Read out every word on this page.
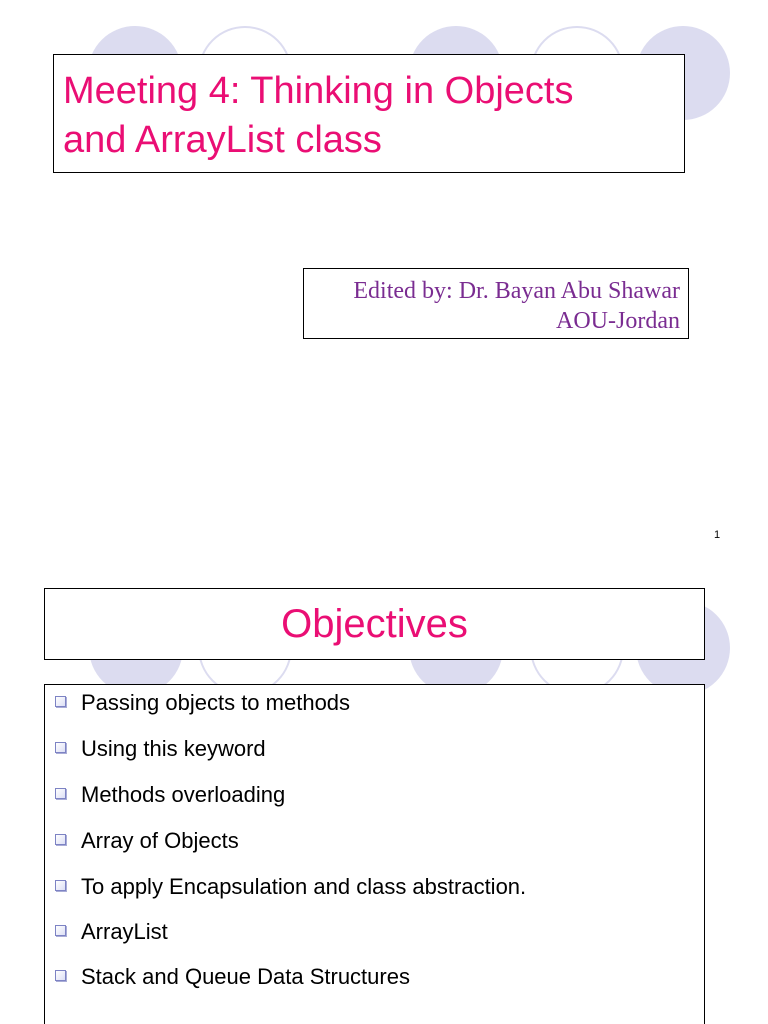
Meeting 4: Thinking in Objects
and ArrayList class
Edited by: Dr. Bayan Abu Shawar
AOU-Jordan
1
Objectives
Passing objects to methods
Using this keyword
Methods overloading
Array of Objects
To apply Encapsulation and class abstraction.
ArrayList
Stack and Queue Data Structures
